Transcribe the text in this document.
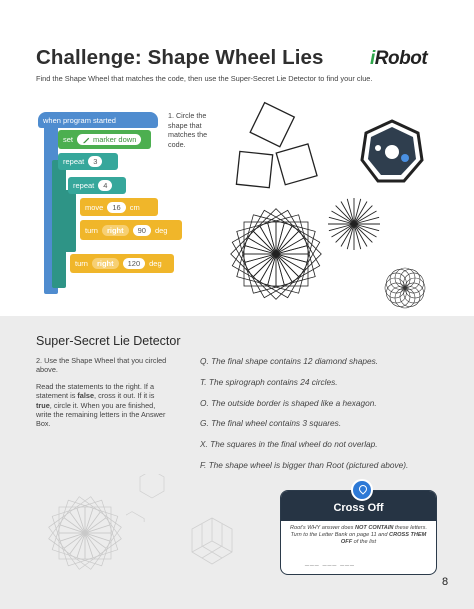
Challenge: Shape Wheel Lies iRobot
Find the Shape Wheel that matches the code, then use the Super-Secret Lie Detector to find your clue.
when program started
set	marker down
repeat	3
repeat	4
move	16	cm
turn	right	90	deg
turn	right	120	deg
1. Circle the shape that matches the code.
Super-Secret Lie Detector
2. Use the Shape Wheel that you circled above.
Read the statements to the right. If a statement is false, cross it out. If it is true, circle it. When you are finished, write the remaining letters in the Answer Box.
Q. The final shape contains 12 diamond shapes.
T. The spirograph contains 24 circles.
O. The outside border is shaped like a hexagon.
G. The final wheel contains 3 squares.
X. The squares in the final wheel do not overlap.
F. The shape wheel is bigger than Root (pictured above).
Cross Off
Root's WHY answer does NOT CONTAIN these letters. Turn to the Letter Bank on page 11 and CROSS THEM OFF of the list
___ ___ ___
8
